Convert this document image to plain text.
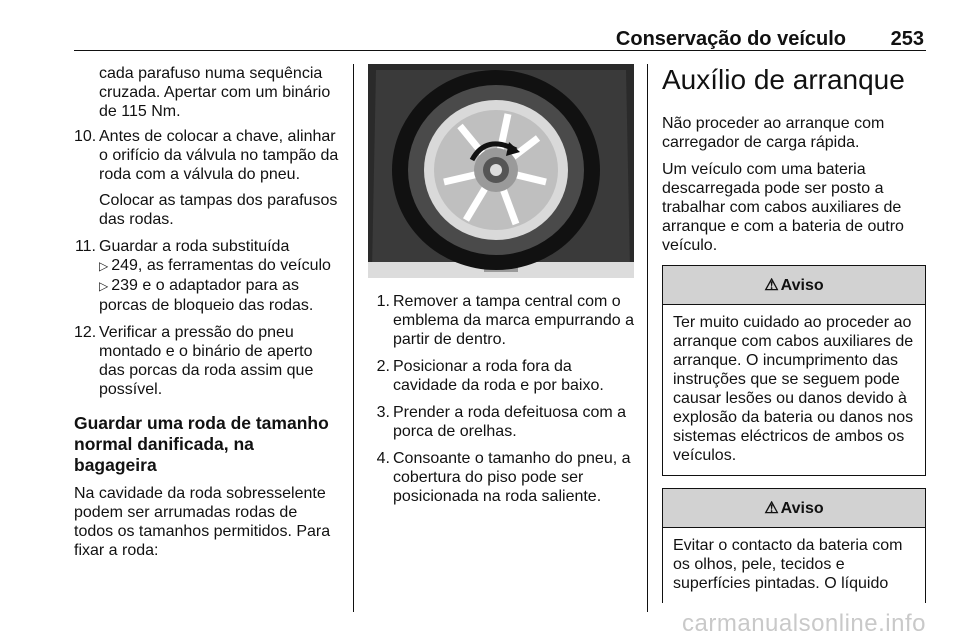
Conservação do veículo 253

cada parafuso numa sequência cruzada. Apertar com um binário de 115 Nm.

10. Antes de colocar a chave, alinhar o orifício da válvula no tampão da roda com a válvula do pneu.

Colocar as tampas dos parafusos das rodas.

11. Guardar a roda substituída
▷ 249, as ferramentas do veículo
▷ 239 e o adaptador para as porcas de bloqueio das rodas.

12. Verificar a pressão do pneu montado e o binário de aperto das porcas da roda assim que possível.

Guardar uma roda de tamanho normal danificada, na bagageira

Na cavidade da roda sobresselente podem ser arrumadas rodas de todos os tamanhos permitidos. Para fixar a roda:

1. Remover a tampa central com o emblema da marca empurrando a partir de dentro.

2. Posicionar a roda fora da cavidade da roda e por baixo.

3. Prender a roda defeituosa com a porca de orelhas.

4. Consoante o tamanho do pneu, a cobertura do piso pode ser posicionada na roda saliente.

Auxílio de arranque

Não proceder ao arranque com carregador de carga rápida.

Um veículo com uma bateria descarregada pode ser posto a trabalhar com cabos auxiliares de arranque e com a bateria de outro veículo.

⚠ Aviso
Ter muito cuidado ao proceder ao arranque com cabos auxiliares de arranque. O incumprimento das instruções que se seguem pode causar lesões ou danos devido à explosão da bateria ou danos nos sistemas eléctricos de ambos os veículos.
⚠ Aviso
Evitar o contacto da bateria com os olhos, pele, tecidos e superfícies pintadas. O líquido
carmanualsonline.info
